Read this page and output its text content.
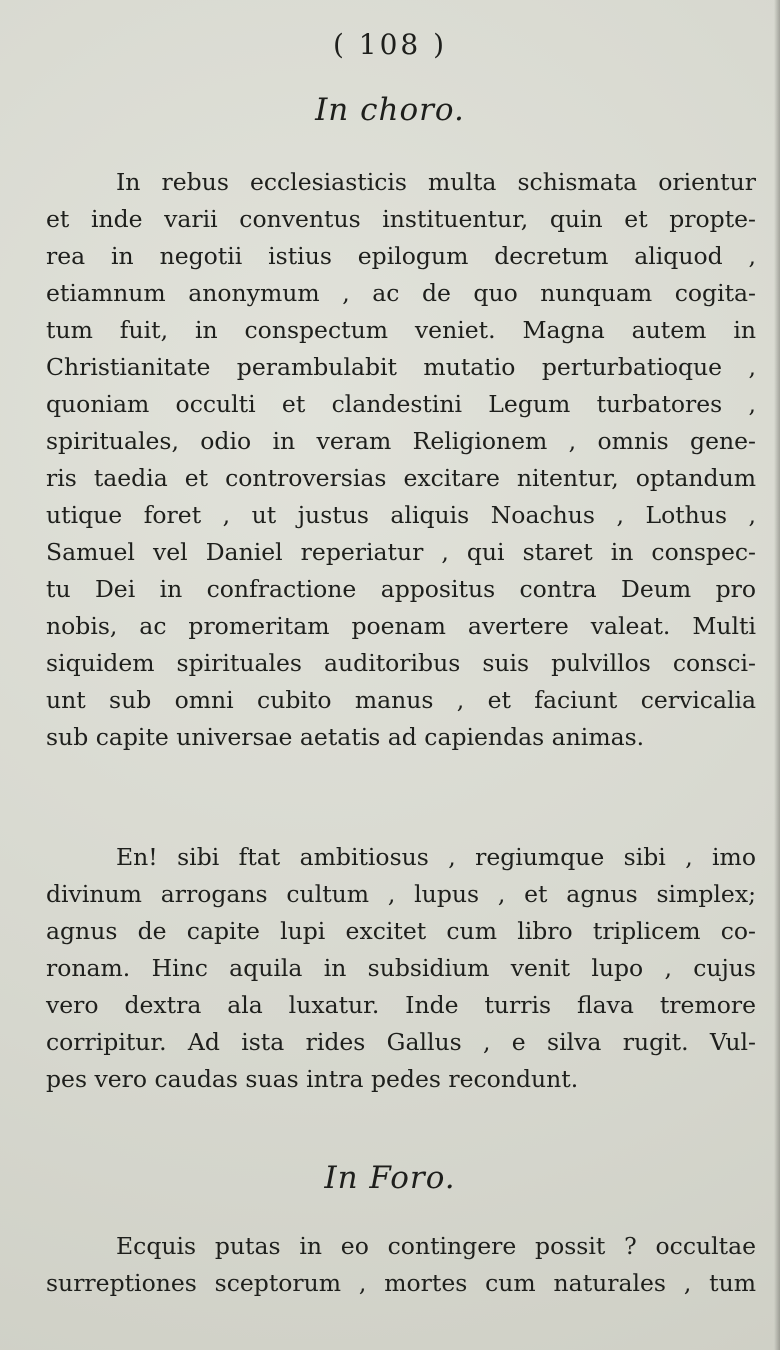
( 108 )
In choro.
In rebus ecclesiasticis multa schismata orientur
et inde varii conventus instituentur, quin et propte-
rea in negotii istius epilogum decretum aliquod ,
etiamnum anonymum , ac de quo nunquam cogita-
tum fuit, in conspectum veniet. Magna autem in
Christianitate perambulabit mutatio perturbatioque ,
quoniam occulti et clandestini Legum turbatores ,
spirituales, odio in veram Religionem , omnis gene-
ris taedia et controversias excitare nitentur, optandum
utique foret , ut justus aliquis Noachus , Lothus ,
Samuel vel Daniel reperiatur , qui staret in conspec-
tu Dei in confractione appositus contra Deum pro
nobis, ac promeritam poenam avertere valeat. Multi
siquidem spirituales auditoribus suis pulvillos consci-
unt sub omni cubito manus , et faciunt cervicalia
sub capite universae aetatis ad capiendas animas.
En! sibi ftat ambitiosus , regiumque sibi , imo
divinum arrogans cultum , lupus , et agnus simplex;
agnus de capite lupi excitet cum libro triplicem co-
ronam. Hinc aquila in subsidium venit lupo , cujus
vero dextra ala luxatur. Inde turris flava tremore
corripitur. Ad ista rides Gallus , e silva rugit. Vul-
pes vero caudas suas intra pedes recondunt.
In Foro.
Ecquis putas in eo contingere possit ? occultae
surreptiones sceptorum , mortes cum naturales , tum
